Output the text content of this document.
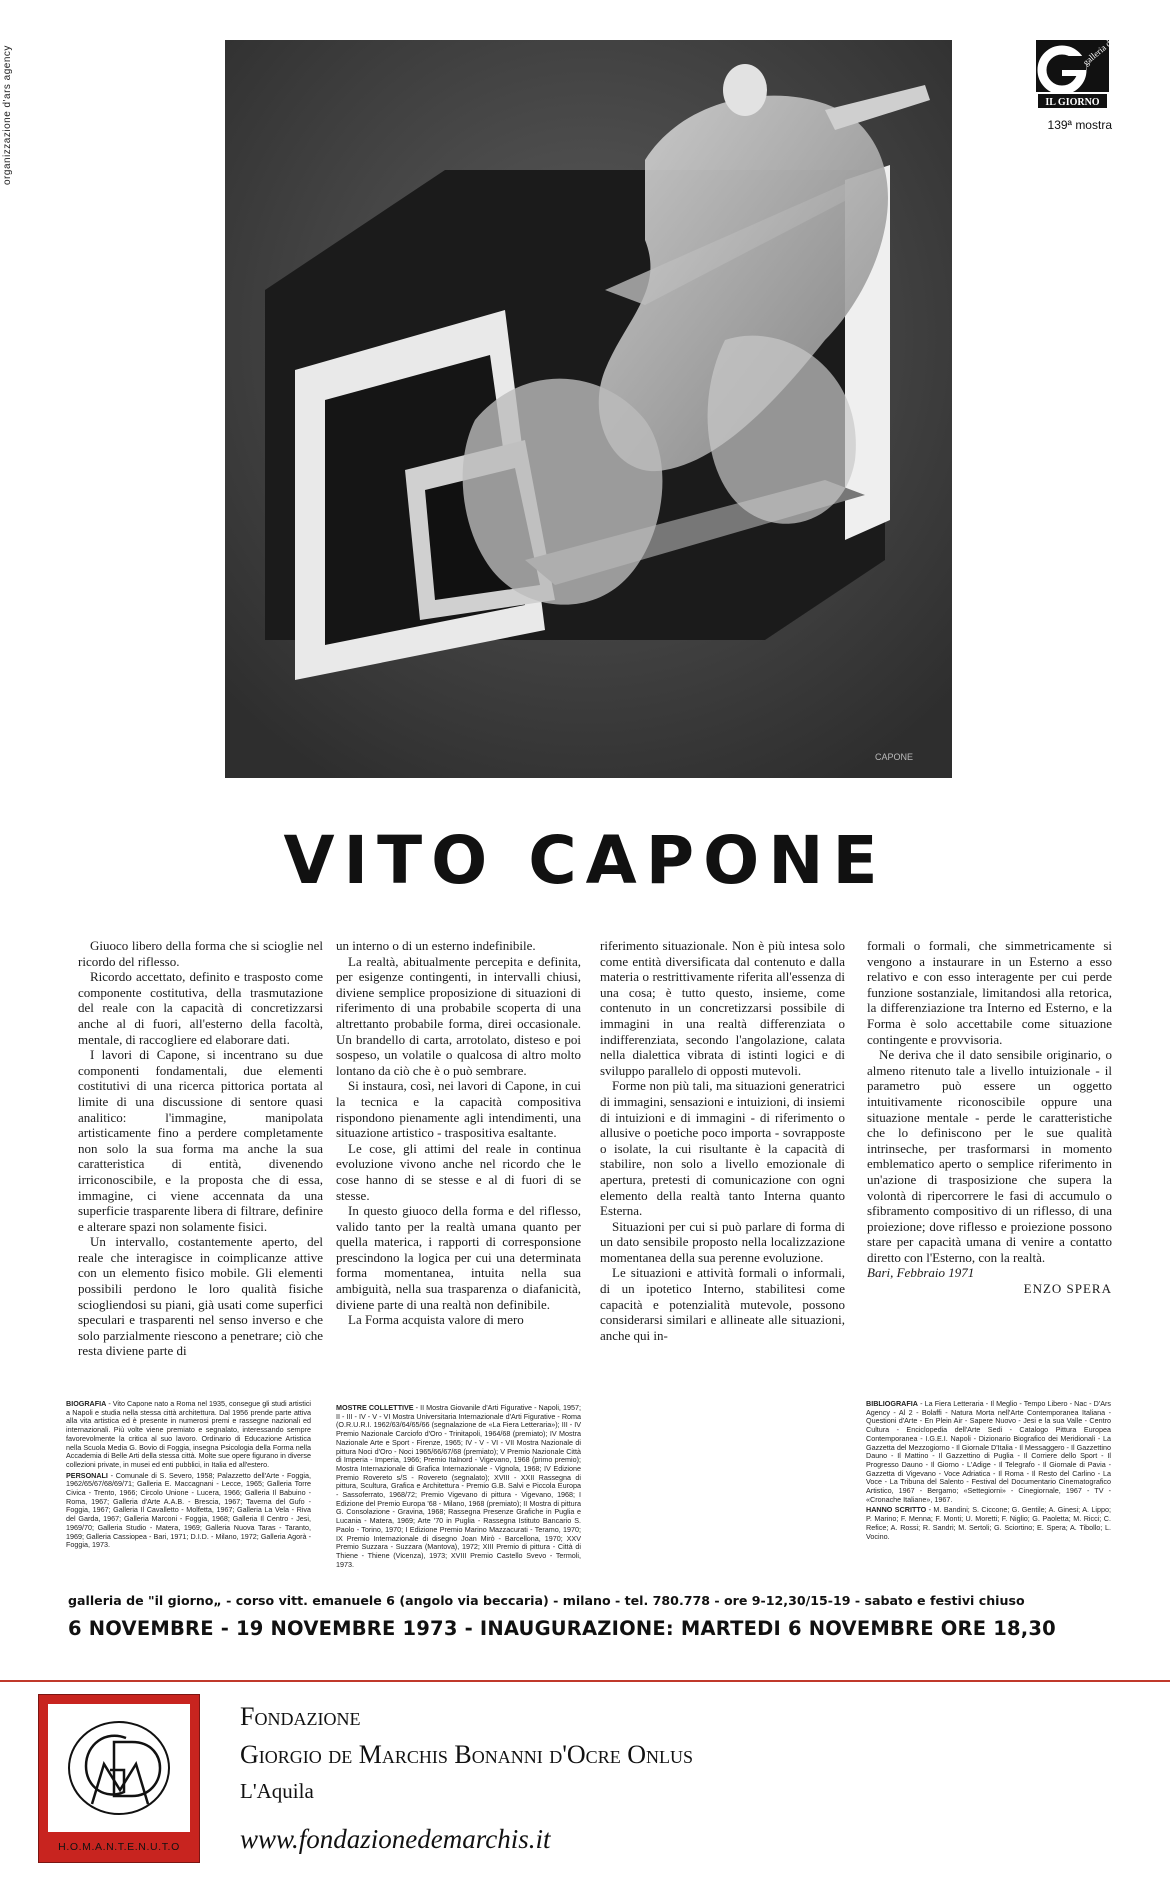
organizzazione d'ars agency	galleria de
IL GIORNO
139ª mostra
CAPONE
VITO CAPONE

Giuoco libero della forma che si scioglie nel ricordo del riflesso.

Ricordo accettato, definito e trasposto come componente costitutiva, della trasmutazione del reale con la capacità di concretizzarsi anche al di fuori, all'esterno della facoltà, mentale, di raccogliere ed elaborare dati.

I lavori di Capone, si incentrano su due componenti fondamentali, due elementi costitutivi di una ricerca pittorica portata al limite di una discussione di sentore quasi analitico: l'immagine, manipolata artisticamente fino a perdere completamente non solo la sua forma ma anche la sua caratteristica di entità, divenendo irriconoscibile, e la proposta che di essa, immagine, ci viene accennata da una superficie trasparente libera di filtrare, definire e alterare spazi non solamente fisici.

Un intervallo, costantemente aperto, del reale che interagisce in coimplicanze attive con un elemento fisico mobile. Gli elementi possibili perdono le loro qualità fisiche sciogliendosi su piani, già usati come superfici speculari e trasparenti nel senso inverso e che solo parzialmente riescono a penetrare; ciò che resta diviene parte di

un interno o di un esterno indefinibile.

La realtà, abitualmente percepita e definita, per esigenze contingenti, in intervalli chiusi, diviene semplice proposizione di situazioni di riferimento di una probabile scoperta di una altrettanto probabile forma, direi occasionale. Un brandello di carta, arrotolato, disteso e poi sospeso, un volatile o qualcosa di altro molto lontano da ciò che è o può sembrare.

Si instaura, così, nei lavori di Capone, in cui la tecnica e la capacità compositiva rispondono pienamente agli intendimenti, una situazione artistico - traspositiva esaltante.

Le cose, gli attimi del reale in continua evoluzione vivono anche nel ricordo che le cose hanno di se stesse e al di fuori di se stesse.

In questo giuoco della forma e del riflesso, valido tanto per la realtà umana quanto per quella materica, i rapporti di corresponsione prescindono la logica per cui una determinata forma momentanea, intuita nella sua ambiguità, nella sua trasparenza o diafanicità, diviene parte di una realtà non definibile.

La Forma acquista valore di mero

riferimento situazionale. Non è più intesa solo come entità diversificata dal contenuto e dalla materia o restrittivamente riferita all'essenza di una cosa; è tutto questo, insieme, come contenuto in un concretizzarsi possibile di immagini in una realtà differenziata o indifferenziata, secondo l'angolazione, calata nella dialettica vibrata di istinti logici e di sviluppo parallelo di opposti mutevoli.

Forme non più tali, ma situazioni generatrici di immagini, sensazioni e intuizioni, di insiemi di intuizioni e di immagini - di riferimento o allusive o poetiche poco importa - sovrapposte o isolate, la cui risultante è la capacità di stabilire, non solo a livello emozionale di apertura, pretesti di comunicazione con ogni elemento della realtà tanto Interna quanto Esterna.

Situazioni per cui si può parlare di forma di un dato sensibile proposto nella localizzazione momentanea della sua perenne evoluzione.

Le situazioni e attività formali o informali, di un ipotetico Interno, stabilitesi come capacità e potenzialità mutevole, possono considerarsi similari e allineate alle situazioni, anche qui in-

formali o formali, che simmetricamente si vengono a instaurare in un Esterno a esso relativo e con esso interagente per cui perde funzione sostanziale, limitandosi alla retorica, la differenziazione tra Interno ed Esterno, e la Forma è solo accettabile come situazione contingente e provvisoria.

Ne deriva che il dato sensibile originario, o almeno ritenuto tale a livello intuizionale - il parametro può essere un oggetto intuitivamente riconoscibile oppure una situazione mentale - perde le caratteristiche che lo definiscono per le sue qualità intrinseche, per trasformarsi in momento emblematico aperto o semplice riferimento in un'azione di trasposizione che supera la volontà di ripercorrere le fasi di accumulo o sfibramento compositivo di un riflesso, di una proiezione; dove riflesso e proiezione possono stare per capacità umana di venire a contatto diretto con l'Esterno, con la realtà.

Bari, Febbraio 1971

ENZO SPERA

BIOGRAFIA - Vito Capone nato a Roma nel 1935, consegue gli studi artistici a Napoli e studia nella stessa città architettura. Dal 1956 prende parte attiva alla vita artistica ed è presente in numerosi premi e rassegne nazionali ed internazionali. Più volte viene premiato e segnalato, interessando sempre favorevolmente la critica al suo lavoro. Ordinario di Educazione Artistica nella Scuola Media G. Bovio di Foggia, insegna Psicologia della Forma nella Accademia di Belle Arti della stessa città. Molte sue opere figurano in diverse collezioni private, in musei ed enti pubblici, in Italia ed all'estero.

PERSONALI - Comunale di S. Severo, 1958; Palazzetto dell'Arte - Foggia, 1962/65/67/68/69/71; Galleria E. Maccagnani - Lecce, 1965; Galleria Torre Civica - Trento, 1966; Circolo Unione - Lucera, 1966; Galleria Il Babuino - Roma, 1967; Galleria d'Arte A.A.B. - Brescia, 1967; Taverna del Gufo - Foggia, 1967; Galleria Il Cavalletto - Molfetta, 1967; Galleria La Vela - Riva del Garda, 1967; Galleria Marconi - Foggia, 1968; Galleria Il Centro - Jesi, 1969/70; Galleria Studio - Matera, 1969; Galleria Nuova Taras - Taranto, 1969; Galleria Cassiopea - Bari, 1971; D.I.D. - Milano, 1972; Galleria Agorà - Foggia, 1973.

MOSTRE COLLETTIVE - II Mostra Giovanile d'Arti Figurative - Napoli, 1957; II - III - IV - V - VI Mostra Universitaria Internazionale d'Arti Figurative - Roma (O.R.U.R.I. 1962/63/64/65/66 (segnalazione de «La Fiera Letteraria»); III - IV Premio Nazionale Carciofo d'Oro - Trinitapoli, 1964/68 (premiato); IV Mostra Nazionale Arte e Sport - Firenze, 1965; IV - V - VI - VII Mostra Nazionale di pittura Noci d'Oro - Noci 1965/66/67/68 (premiato); V Premio Nazionale Città di Imperia - Imperia, 1966; Premio Italnord - Vigevano, 1968 (primo premio); Mostra Internazionale di Grafica Internazionale - Vignola, 1968; IV Edizione Premio Rovereto s/S - Rovereto (segnalato); XVIII - XXII Rassegna di pittura, Scultura, Grafica e Architettura - Premio G.B. Salvi e Piccola Europa - Sassoferrato, 1968/72; Premio Vigevano di pittura - Vigevano, 1968; I Edizione del Premio Europa '68 - Milano, 1968 (premiato); II Mostra di pittura G. Consolazione - Gravina, 1968; Rassegna Presenze Grafiche in Puglia e Lucania - Matera, 1969; Arte '70 in Puglia - Rassegna Istituto Bancario S. Paolo - Torino, 1970; I Edizione Premio Marino Mazzacurati - Teramo, 1970; IX Premio Internazionale di disegno Joan Mirò - Barcellona, 1970; XXV Premio Suzzara - Suzzara (Mantova), 1972; XIII Premio di pittura - Città di Thiene - Thiene (Vicenza), 1973; XVIII Premio Castello Svevo - Termoli, 1973.

BIBLIOGRAFIA - La Fiera Letteraria - Il Meglio - Tempo Libero - Nac - D'Ars Agency - Al 2 - Bolaffi - Natura Morta nell'Arte Contemporanea Italiana - Questioni d'Arte - En Plein Air - Sapere Nuovo - Jesi e la sua Valle - Centro Cultura - Enciclopedia dell'Arte Sedi - Catalogo Pittura Europea Contemporanea - I.G.E.I. Napoli - Dizionario Biografico dei Meridionali - La Gazzetta del Mezzogiorno - Il Giornale D'Italia - Il Messaggero - Il Gazzettino Dauno - Il Mattino - Il Gazzettino di Puglia - Il Corriere dello Sport - Il Progresso Dauno - Il Giorno - L'Adige - Il Telegrafo - Il Giornale di Pavia - Gazzetta di Vigevano - Voce Adriatica - Il Roma - Il Resto del Carlino - La Voce - La Tribuna del Salento - Festival del Documentario Cinematografico Artistico, 1967 - Bergamo; «Settegiorni» - Cinegiornale, 1967 - TV - «Cronache Italiane», 1967.

HANNO SCRITTO - M. Bandini; S. Ciccone; G. Gentile; A. Ginesi; A. Lippo; P. Marino; F. Menna; F. Monti; U. Moretti; F. Niglio; G. Paoletta; M. Ricci; C. Refice; A. Rossi; R. Sandri; M. Sertoli; G. Sciortino; E. Spera; A. Tibollo; L. Vocino.

galleria de "il giorno„ - corso vitt. emanuele 6 (angolo via beccaria) - milano - tel. 780.778 - ore 9-12,30/15-19 - sabato e festivi chiuso
6 NOVEMBRE - 19 NOVEMBRE 1973 - INAUGURAZIONE: MARTEDI 6 NOVEMBRE ORE 18,30
H.O.M.A.N.T.E.N.U.T.O
Fondazione
Giorgio de Marchis Bonanni d'Ocre Onlus
L'Aquila
www.fondazionedemarchis.it
